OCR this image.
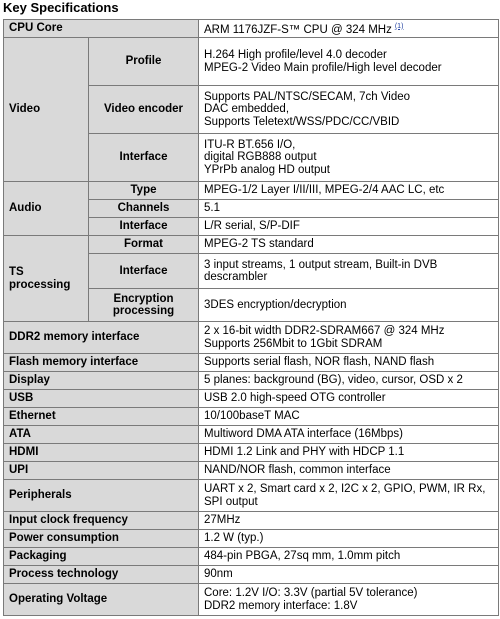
Key Specifications
CPU Core		ARM 1176JZF-S™ CPU @ 324 MHz $^{(1)}$
Video	Profile	H.264 High profile/level 4.0 decoder
MPEG-2 Video Main profile/High level decoder

	Video encoder	Supports PAL/NTSC/SECAM, 7ch Video
DAC embedded,
Supports Teletext/WSS/PDC/CC/VBID

	Interface	ITU-R BT.656 I/O,
digital RGB888 output
YPrPb analog HD output

Audio	Type	MPEG-1/2 Layer I/II/III, MPEG-2/4 AAC LC, etc
	Channels	5.1
	Interface	L/R serial, S/P-DIF

TS
processing	Format	MPEG-2 TS standard
	Interface	3 input streams, 1 output stream, Built-in DVB
descrambler

	Encryption
processing	3DES encryption/decryption
DDR2 memory interface		2 x 16-bit width DDR2-SDRAM667 @ 324 MHz
Supports 256Mbit to 1Gbit SDRAM

Flash memory interface		Supports serial flash, NOR flash, NAND flash
Display		5 planes: background (BG), video, cursor, OSD x 2
USB		USB 2.0 high-speed OTG controller
Ethernet		10/100baseT MAC
ATA		Multiword DMA ATA interface (16Mbps)
HDMI		HDMI 1.2 Link and PHY with HDCP 1.1
UPI		NAND/NOR flash, common interface
Peripherals		UART x 2, Smart card x 2, I2C x 2, GPIO, PWM, IR Rx,
SPI output

Input clock frequency		27MHz
Power consumption		1.2 W (typ.)
Packaging		484-pin PBGA, 27sq mm, 1.0mm pitch
Process technology		90nm
Operating Voltage		Core: 1.2V I/O: 3.3V (partial 5V tolerance)
DDR2 memory interface: 1.8V
